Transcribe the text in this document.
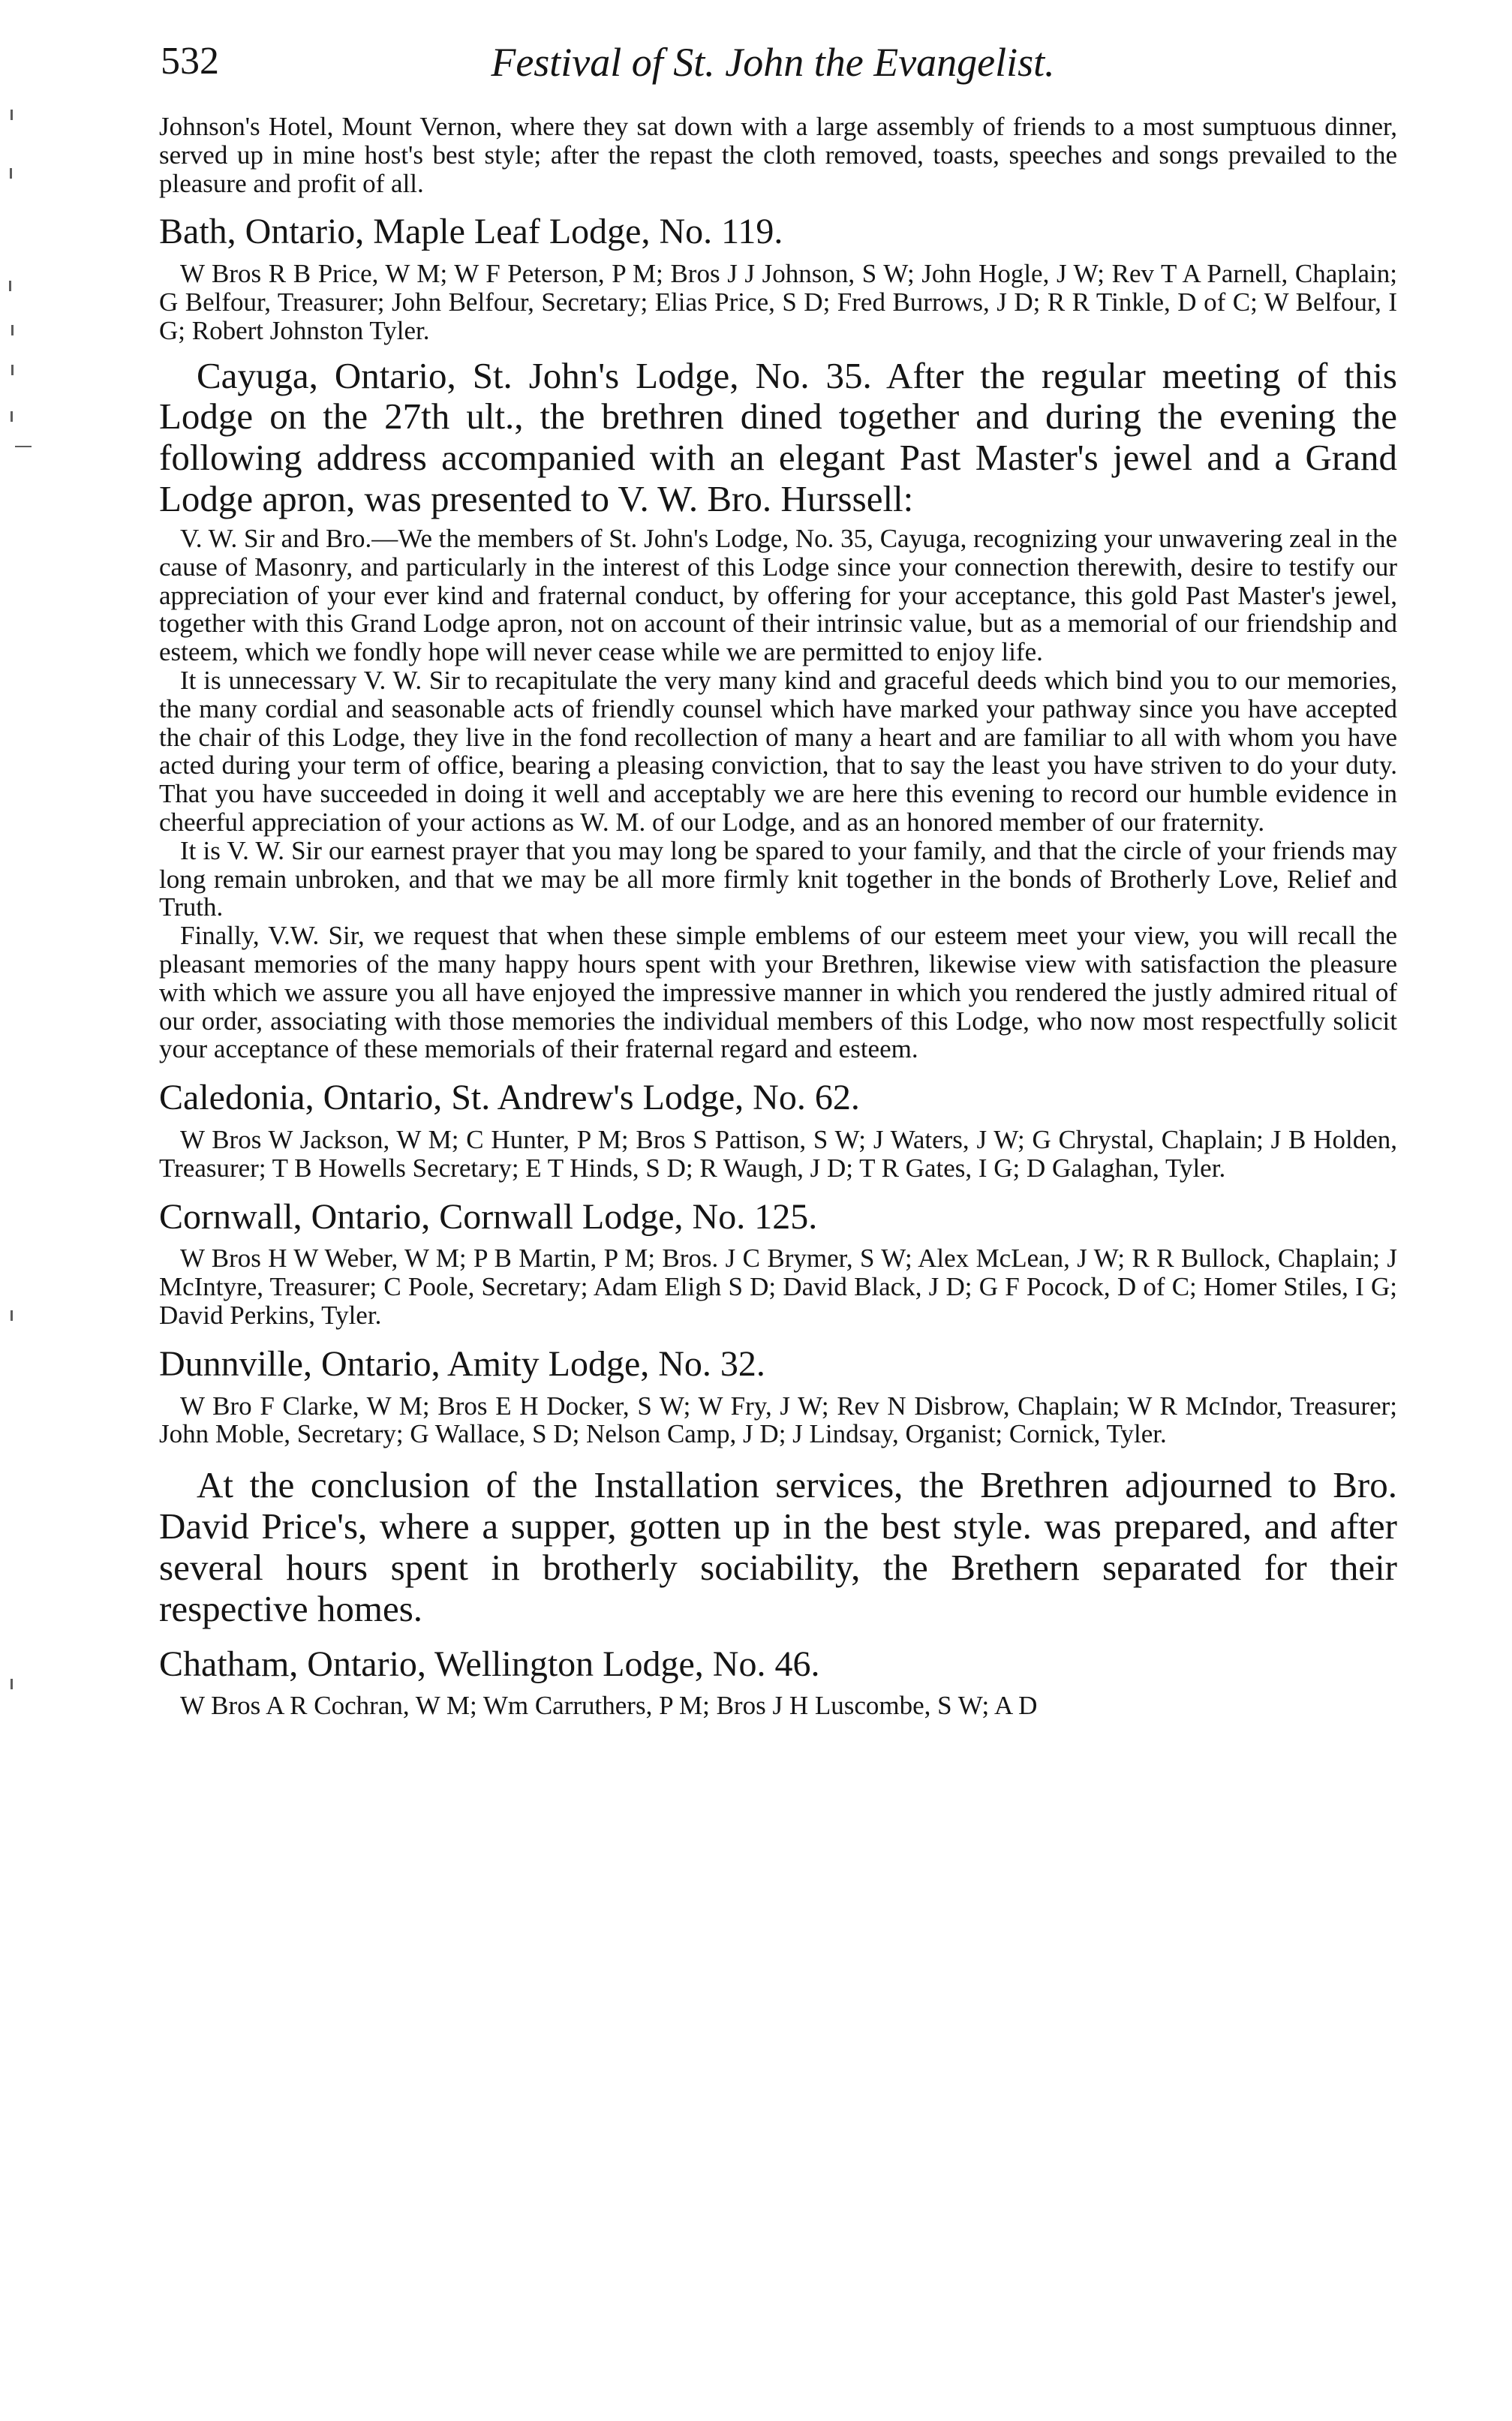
532	Festival of St. John the Evangelist.

Johnson's Hotel, Mount Vernon, where they sat down with a large assembly of friends to a most sumptuous dinner, served up in mine host's best style; after the repast the cloth removed, toasts, speeches and songs prevailed to the pleasure and profit of all.

Bath, Ontario, Maple Leaf Lodge, No. 119.

W Bros R B Price, W M; W F Peterson, P M; Bros J J Johnson, S W; John Hogle, J W; Rev T A Parnell, Chaplain; G Belfour, Treasurer; John Belfour, Secretary; Elias Price, S D; Fred Burrows, J D; R R Tinkle, D of C; W Belfour, I G; Robert Johnston Tyler.

Cayuga, Ontario, St. John's Lodge, No. 35. After the regular meeting of this Lodge on the 27th ult., the brethren dined together and during the evening the following address accompanied with an elegant Past Master's jewel and a Grand Lodge apron, was presented to V. W. Bro. Hurssell:

V. W. Sir and Bro.—We the members of St. John's Lodge, No. 35, Cayuga, recognizing your unwavering zeal in the cause of Masonry, and particularly in the interest of this Lodge since your connection therewith, desire to testify our appreciation of your ever kind and fraternal conduct, by offering for your acceptance, this gold Past Master's jewel, together with this Grand Lodge apron, not on account of their intrinsic value, but as a memorial of our friendship and esteem, which we fondly hope will never cease while we are permitted to enjoy life.

It is unnecessary V. W. Sir to recapitulate the very many kind and graceful deeds which bind you to our memories, the many cordial and seasonable acts of friendly counsel which have marked your pathway since you have accepted the chair of this Lodge, they live in the fond recollection of many a heart and are familiar to all with whom you have acted during your term of office, bearing a pleasing conviction, that to say the least you have striven to do your duty. That you have succeeded in doing it well and acceptably we are here this evening to record our humble evidence in cheerful appreciation of your actions as W. M. of our Lodge, and as an honored member of our fraternity.

It is V. W. Sir our earnest prayer that you may long be spared to your family, and that the circle of your friends may long remain unbroken, and that we may be all more firmly knit together in the bonds of Brotherly Love, Relief and Truth.

Finally, V.W. Sir, we request that when these simple emblems of our esteem meet your view, you will recall the pleasant memories of the many happy hours spent with your Brethren, likewise view with satisfaction the pleasure with which we assure you all have enjoyed the impressive manner in which you rendered the justly admired ritual of our order, associating with those memories the individual members of this Lodge, who now most respectfully solicit your acceptance of these memorials of their fraternal regard and esteem.

Caledonia, Ontario, St. Andrew's Lodge, No. 62.

W Bros W Jackson, W M; C Hunter, P M; Bros S Pattison, S W; J Waters, J W; G Chrystal, Chaplain; J B Holden, Treasurer; T B Howells Secretary; E T Hinds, S D; R Waugh, J D; T R Gates, I G; D Galaghan, Tyler.

Cornwall, Ontario, Cornwall Lodge, No. 125.

W Bros H W Weber, W M; P B Martin, P M; Bros. J C Brymer, S W; Alex McLean, J W; R R Bullock, Chaplain; J McIntyre, Treasurer; C Poole, Secretary; Adam Eligh S D; David Black, J D; G F Pocock, D of C; Homer Stiles, I G; David Perkins, Tyler.

Dunnville, Ontario, Amity Lodge, No. 32.

W Bro F Clarke, W M; Bros E H Docker, S W; W Fry, J W; Rev N Disbrow, Chaplain; W R McIndor, Treasurer; John Moble, Secretary; G Wallace, S D; Nelson Camp, J D; J Lindsay, Organist; Cornick, Tyler.

At the conclusion of the Installation services, the Brethren adjourned to Bro. David Price's, where a supper, gotten up in the best style. was prepared, and after several hours spent in brotherly sociability, the Brethern separated for their respective homes.

Chatham, Ontario, Wellington Lodge, No. 46.

W Bros A R Cochran, W M; Wm Carruthers, P M; Bros J H Luscombe, S W; A D
